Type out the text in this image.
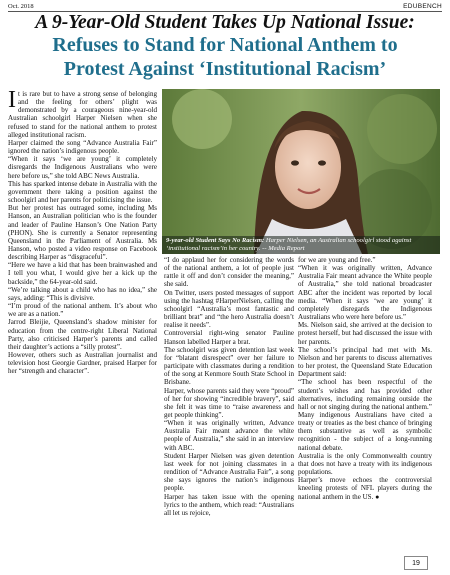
Oct. 2018	EDUBENCH
A 9-Year-Old Student Takes Up National Issue:
Refuses to Stand for National Anthem to
Protest Against ‘Institutional Racism’
I t is rare but to have a strong sense of belonging and the feeling for others’ plight was demonstrated by a courageous nine-year-old Australian schoolgirl Harper Nielsen when she refused to stand for the national anthem to protest alleged institutional racism.

Harper claimed the song “Advance Australia Fair” ignored the nation’s indigenous people.

“When it says ‘we are young’ it completely disregards the Indigenous Australians who were here before us,” she told ABC News Australia.

This has sparked intense debate in Australia with the government there taking a position against the schoolgirl and her parents for politicising the issue.

But her protest has outraged some, including Ms Hanson, an Australian politician who is the founder and leader of Pauline Hanson’s One Nation Party (PHON). She is currently a Senator representing Queensland in the Parliament of Australia. Ms Hanson, who posted a video response on Facebook describing Harper as “disgraceful”.

“Here we have a kid that has been brainwashed and I tell you what, I would give her a kick up the backside,” the 64-year-old said.

“We’re talking about a child who has no idea,” she says, adding: “This is divisive.

“I’m proud of the national anthem. It’s about who we are as a nation.”

Jarrod Bleijie, Queensland’s shadow minister for education from the centre-right Liberal National Party, also criticised Harper’s parents and called their daughter’s actions a “silly protest”.

However, others such as Australian journalist and television host Georgie Gardner, praised Harper for her “strength and character”.

9-year-old Student Says No Racism: Harper Nielsen, an Australian schoolgirl stood against ‘institutional racism’in her country. -- Media Report

“I do applaud her for considering the words of the national anthem, a lot of people just rattle it off and don’t consider the meaning,” she said.

On Twitter, users posted messages of support using the hashtag #HarperNielsen, calling the schoolgirl “Australia’s most fantastic and brilliant brat” and “the hero Australia doesn’t realise it needs”.

Controversial right-wing senator Pauline Hanson labelled Harper a brat.

The schoolgirl was given detention last week for “blatant disrespect” over her failure to participate with classmates during a rendition of the song at Kenmore South State School in Brisbane.

Harper, whose parents said they were “proud” of her for showing “incredible bravery”, said she felt it was time to “raise awareness and get people thinking”.

“When it was originally written, Advance Australia Fair meant advance the white people of Australia,” she said in an interview with ABC.

Student Harper Nielsen was given detention last week for not joining classmates in a rendition of “Advance Australia Fair”, a song she says ignores the nation’s indigenous people.

Harper has taken issue with the opening lyrics to the anthem, which read: “Australians all let us rejoice,

for we are young and free.”

“When it was originally written, Advance Australia Fair meant advance the White people of Australia,” she told national broadcaster ABC after the incident was reported by local media. “When it says ‘we are young’ it completely disregards the Indigenous Australians who were here before us.”

Ms. Nielson said, she arrived at the decision to protest herself, but had discussed the issue with her parents.

The school’s principal had met with Ms. Nielson and her parents to discuss alternatives to her protest, the Queensland State Education Department said:

“The school has been respectful of the student’s wishes and has provided other alternatives, including remaining outside the hall or not singing during the national anthem.”

Many indigenous Australians have cited a treaty or treaties as the best chance of bringing them substantive as well as symbolic recognition - the subject of a long-running national debate.

Australia is the only Commonwealth country that does not have a treaty with its indigenous populations.

Harper’s move echoes the controversial kneeling protests of NFL players during the national anthem in the US. ●

19
